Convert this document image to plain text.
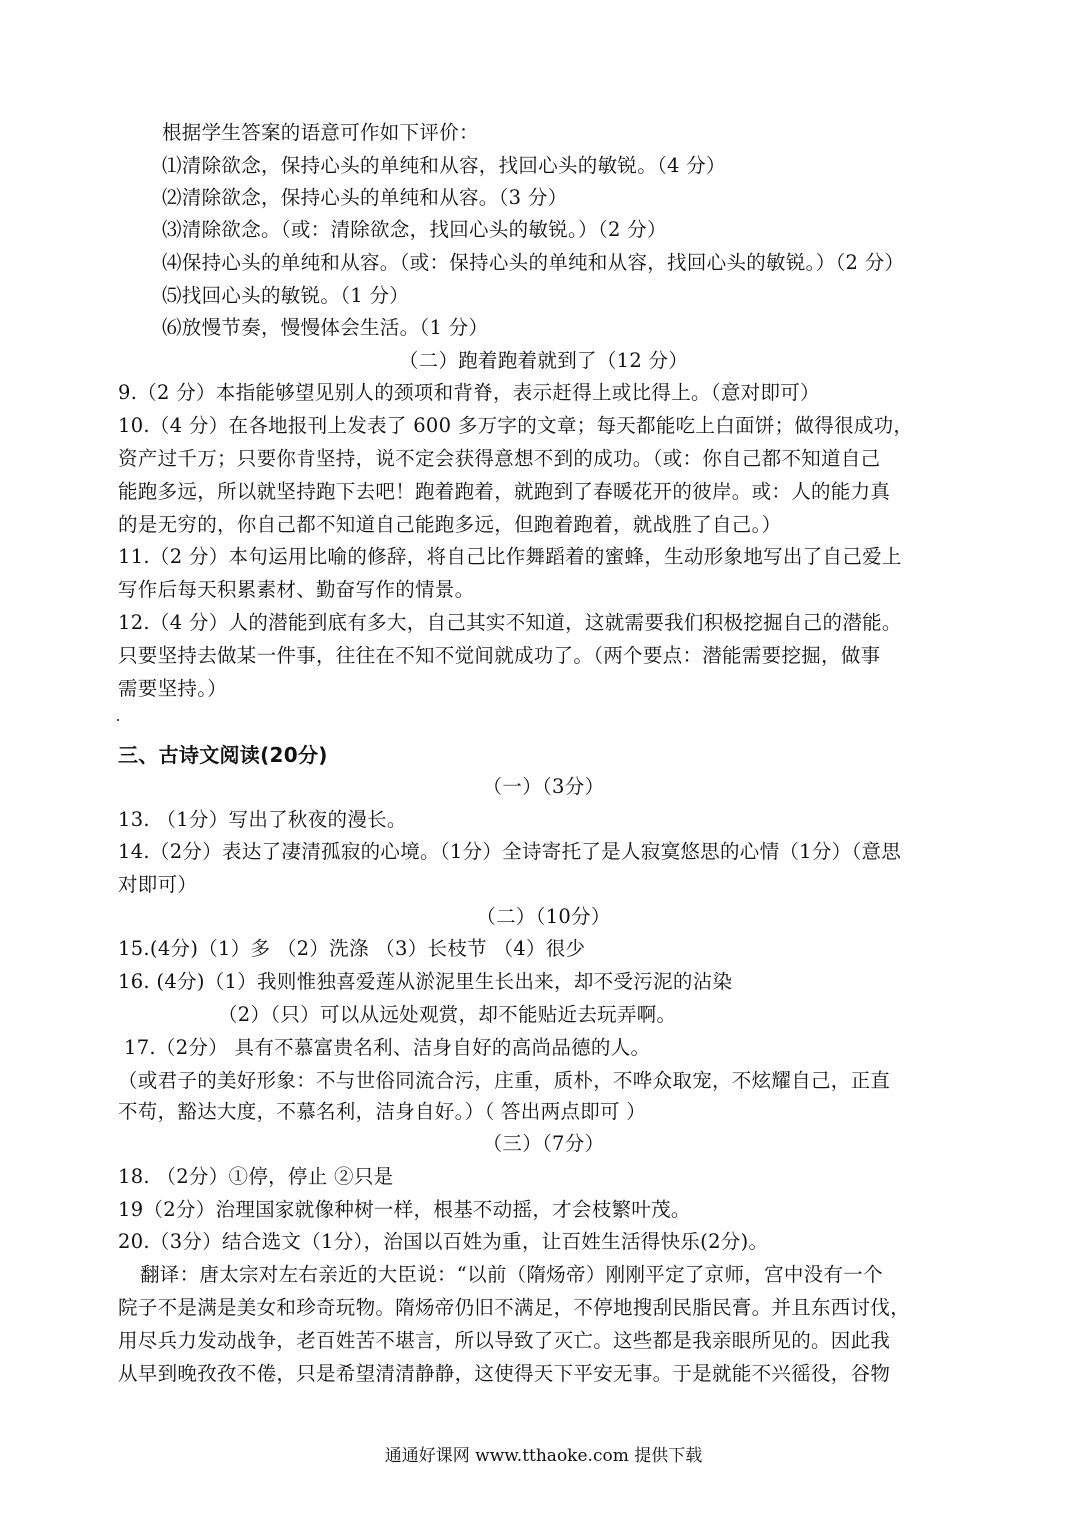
根据学生答案的语意可作如下评价：
⑴清除欲念，保持心头的单纯和从容，找回心头的敏锐。（4 分）
⑵清除欲念，保持心头的单纯和从容。（3 分）
⑶清除欲念。（或：清除欲念，找回心头的敏锐。）（2 分）
⑷保持心头的单纯和从容。（或：保持心头的单纯和从容，找回心头的敏锐。）（2 分）
⑸找回心头的敏锐。（1 分）
⑹放慢节奏，慢慢体会生活。（1 分）
（二）跑着跑着就到了（12 分）
9.（2 分）本指能够望见别人的颈项和背脊，表示赶得上或比得上。（意对即可）
10.（4 分）在各地报刊上发表了 600 多万字的文章；每天都能吃上白面饼；做得很成功，
资产过千万；只要你肯坚持，说不定会获得意想不到的成功。（或：你自己都不知道自己
能跑多远，所以就坚持跑下去吧！跑着跑着，就跑到了春暖花开的彼岸。或：人的能力真
的是无穷的，你自己都不知道自己能跑多远，但跑着跑着，就战胜了自己。）
11.（2 分）本句运用比喻的修辞，将自己比作舞蹈着的蜜蜂，生动形象地写出了自己爱上
写作后每天积累素材、勤奋写作的情景。
12.（4 分）人的潜能到底有多大，自己其实不知道，这就需要我们积极挖掘自己的潜能。
只要坚持去做某一件事，往往在不知不觉间就成功了。（两个要点：潜能需要挖掘，做事
需要坚持。）
三、古诗文阅读(20分)
（一）（3分）
13. （1分）写出了秋夜的漫长。
14.（2分）表达了凄清孤寂的心境。（1分）全诗寄托了是人寂寞悠思的心情（1分）（意思
对即可）
（二）（10分）
15.(4分)（1）多 （2）洗涤 （3）长枝节 （4）很少
16. (4分)（1）我则惟独喜爱莲从淤泥里生长出来，却不受污泥的沾染
（2）（只）可以从远处观赏，却不能贴近去玩弄啊。
17.（2分） 具有不慕富贵名利、洁身自好的高尚品德的人。
（或君子的美好形象：不与世俗同流合污，庄重，质朴，不哗众取宠，不炫耀自己，正直
不苟，豁达大度，不慕名利，洁身自好。）（ 答出两点即可 ）
（三）（7分）
18. （2分）①停，停止 ②只是
19（2分）治理国家就像种树一样，根基不动摇，才会枝繁叶茂。
20.（3分）结合选文（1分），治国以百姓为重，让百姓生活得快乐(2分)。
翻译：唐太宗对左右亲近的大臣说：“以前（隋炀帝）刚刚平定了京师，宫中没有一个
院子不是满是美女和珍奇玩物。隋炀帝仍旧不满足，不停地搜刮民脂民膏。并且东西讨伐，
用尽兵力发动战争，老百姓苦不堪言，所以导致了灭亡。这些都是我亲眼所见的。因此我
从早到晚孜孜不倦，只是希望清清静静，这使得天下平安无事。于是就能不兴徭役，谷物
通通好课网 www.tthaoke.com 提供下载
